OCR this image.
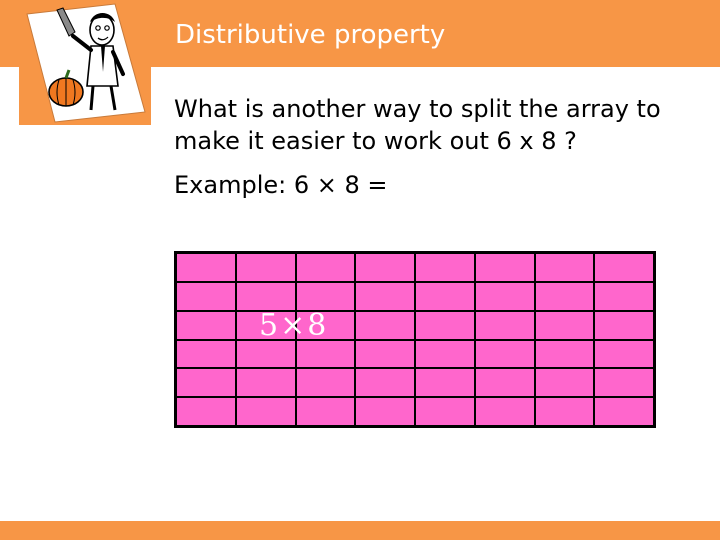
Distributive property
What is another way to split the array to make it easier to work out 6 x 8 ?
Example: 6 × 8 =
5×8
